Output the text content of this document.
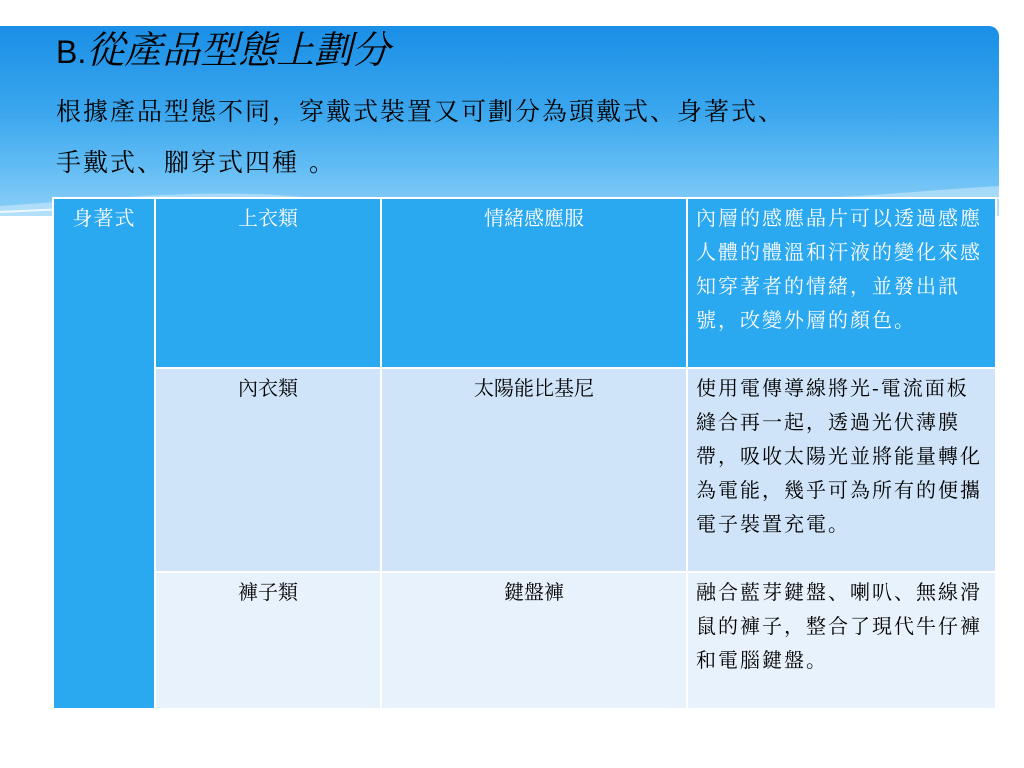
B.從產品型態上劃分
根據產品型態不同，穿戴式裝置又可劃分為頭戴式、身著式、
手戴式、腳穿式四種 。
身著式	上衣類	情緒感應服	內層的感應晶片可以透過感應人體的體溫和汗液的變化來感知穿著者的情緒，並發出訊號，改變外層的顏色。
	內衣類	太陽能比基尼	使用電傳導線將光-電流面板縫合再一起，透過光伏薄膜帶，吸收太陽光並將能量轉化為電能，幾乎可為所有的便攜電子裝置充電。
	褲子類	鍵盤褲	融合藍芽鍵盤、喇叭、無線滑鼠的褲子，整合了現代牛仔褲和電腦鍵盤。
